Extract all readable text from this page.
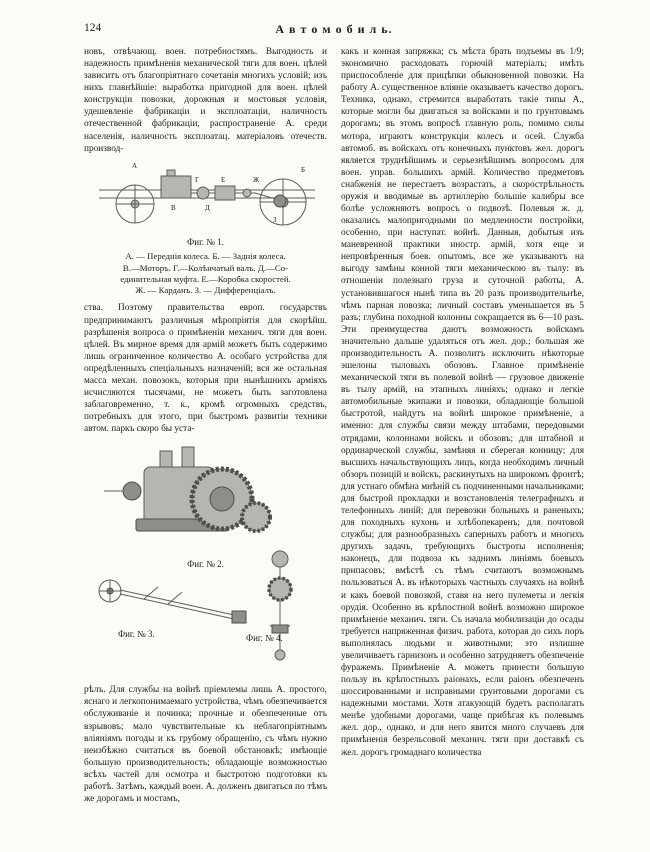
124	А в т о м о б и л ь.

новъ, отвѣчающ. воен. потребностямъ. Выгодность и надежность примѣненія механической тяги для воен. цѣлей зависитъ отъ благопріятнаго сочетанія многихъ условій; изъ нихъ главнѣйшіе: выработка пригодной для воен. цѣлей конструкціи повозки, дорожныя и мостовыя условія, удешевленіе фабрикаціи и эксплоатаціи, наличность отечественной фабрикаціи, распространеніе А. среди населенія, наличность эксплоатац. матеріаловъ отечеств. производ-

А	Б
В
Г
Д
Е	Ж
З
Фиг. № 1.
А. — Переднія колеса. Б. — Заднія колеса.
В.—Моторъ. Г.—Колѣнчатый валъ. Д.—Со-
единительная муфта. Е.—Коробка скоростей.
Ж. — Карданъ. З. — Дифференціалъ.

ства. Поэтому правительства европ. государствъ предпринимаютъ различныя мѣропріятія для скорѣйш. разрѣшенія вопроса о примѣненіи механич. тяги для воен. цѣлей. Въ мирное время для армій можетъ быть содержимо лишь ограниченное количество А. особаго устройства для опредѣленныхъ спеціальныхъ назначеній; вся же остальная масса механ. повозокъ, которыя при нынѣшнихъ арміяхъ исчисляются тысячами, не можетъ быть заготовлена заблаговременно, т. к., кромѣ огромныхъ средствъ, потребныхъ для этого, при быстромъ развитіи техники автом. паркъ скоро бы уста-

Фиг. № 2.
Фиг. № 3.	Фиг. № 4.

рѣлъ. Для службы на войнѣ пріемлемы лишь А. простого, яснаго и легкопонимаемаго устройства, чѣмъ обезпечивается обслуживаніе и починка; прочные и обезпеченные отъ взрывовъ; мало чувствительные къ неблагопріятнымъ вліяніямъ погоды и къ грубому обращенію, съ чѣмъ нужно неизбѣжно считаться въ боевой обстановкѣ; имѣющіе большую производительность; обладающіе возможностью всѣхъ частей для осмотра и быстротою подготовки къ работѣ. Затѣмъ, каждый воен. А. долженъ двигаться по тѣмъ же дорогамъ и мостамъ,

какъ и конная запряжка; съ мѣста брать подъемы въ 1/9; экономично расходовать горючій матеріалъ; имѣть приспособленіе для прицѣпки обыкновенной повозки. На работу А. существенное вліяніе оказываетъ качество дорогъ. Техника, однако, стремится выработать такіе типы А., которые могли бы двигаться за войсками и по грунтовымъ дорогамъ; въ этомъ вопросѣ главную роль, помимо силы мотора, играютъ конструкціи колесъ и осей. Служба автомоб. въ войскахъ отъ конечныхъ пунктовъ жел. дорогъ является труднѣйшимъ и серьезнѣйшимъ вопросомъ для воен. управ. большихъ армій. Количество предметовъ снабженія не перестаетъ возрастать, а скорострѣльность оружія и вводимые въ артиллерію большіе калибры все болѣе усложняютъ вопросъ о подвозѣ. Полевыя ж. д. оказались малопригодными по медленности постройки, особенно, при наступат. войнѣ. Данныя, добытыя изъ маневренной практики иностр. армій, хотя еще и непровѣренныя боев. опытомъ, все же указываютъ на выгоду замѣны конной тяги механическою въ тылу: въ отношеніи полезнаго груза и суточной работы, А. установившагося нынѣ типа въ 20 разъ производительнѣе, чѣмъ парная повозка; личный составъ уменьшается въ 5 разъ; глубина походной колонны сокращается въ 6—10 разъ. Эти преимущества даютъ возможность войскамъ значительно дальше удаляться отъ жел. дор.; большая же производительность А. позволитъ исключить нѣкоторые эшелоны тыловыхъ обозовъ. Главное примѣненіе механической тяги въ полевой войнѣ — грузовое движеніе въ тылу армій, на этапныхъ линіяхъ; однако и легкіе автомобильные экипажи и повозки, обладающіе большой быстротой, найдутъ на войнѣ широкое примѣненіе, а именно: для службы связи между штабами, передовыми отрядами, колоннами войскъ и обозовъ; для штабной и ординарческой службы, замѣняя и сберегая конницу; для высшихъ начальствующихъ лицъ, когда необходимъ личный обзоръ позицій и войскъ, раскинутыхъ на широкомъ фронтѣ; для устнаго обмѣна мнѣній съ подчиненными начальниками; для быстрой прокладки и возстановленія телеграфныхъ и телефонныхъ линій; для перевозки больныхъ и раненыхъ; для походныхъ кухонь и хлѣбопекаренъ; для почтовой службы; для разнообразныхъ саперныхъ работъ и многихъ другихъ задачъ, требующихъ быстроты исполненія; наконецъ, для подвоза къ заднимъ линіямъ боевыхъ припасовъ; вмѣстѣ съ тѣмъ считаютъ возможнымъ пользоваться А. въ нѣкоторыхъ частныхъ случаяхъ на войнѣ и какъ боевой повозкой, ставя на него пулеметы и легкія орудія. Особенно въ крѣпостной войнѣ возможно широкое примѣненіе механич. тяги. Съ начала мобилизаціи до осады требуется напряженная физич. работа, которая до сихъ поръ выполнялась людьми и животными; это излишне увеличиваетъ гарнизонъ и особенно затрудняетъ обезпеченіе фуражемъ. Примѣненіе А. можетъ принести большую пользу въ крѣпостныхъ раіонахъ, если раіонъ обезпеченъ шоссированными и исправными грунтовыми дорогами съ надежными мостами. Хотя атакующій будетъ располагать менѣе удобными дорогами, чаще прибѣгая къ полевымъ жел. дор., однако, и для него явится много случаевъ для примѣненія безрельсовой механич. тяги при доставкѣ съ жел. дорогъ громаднаго количества
